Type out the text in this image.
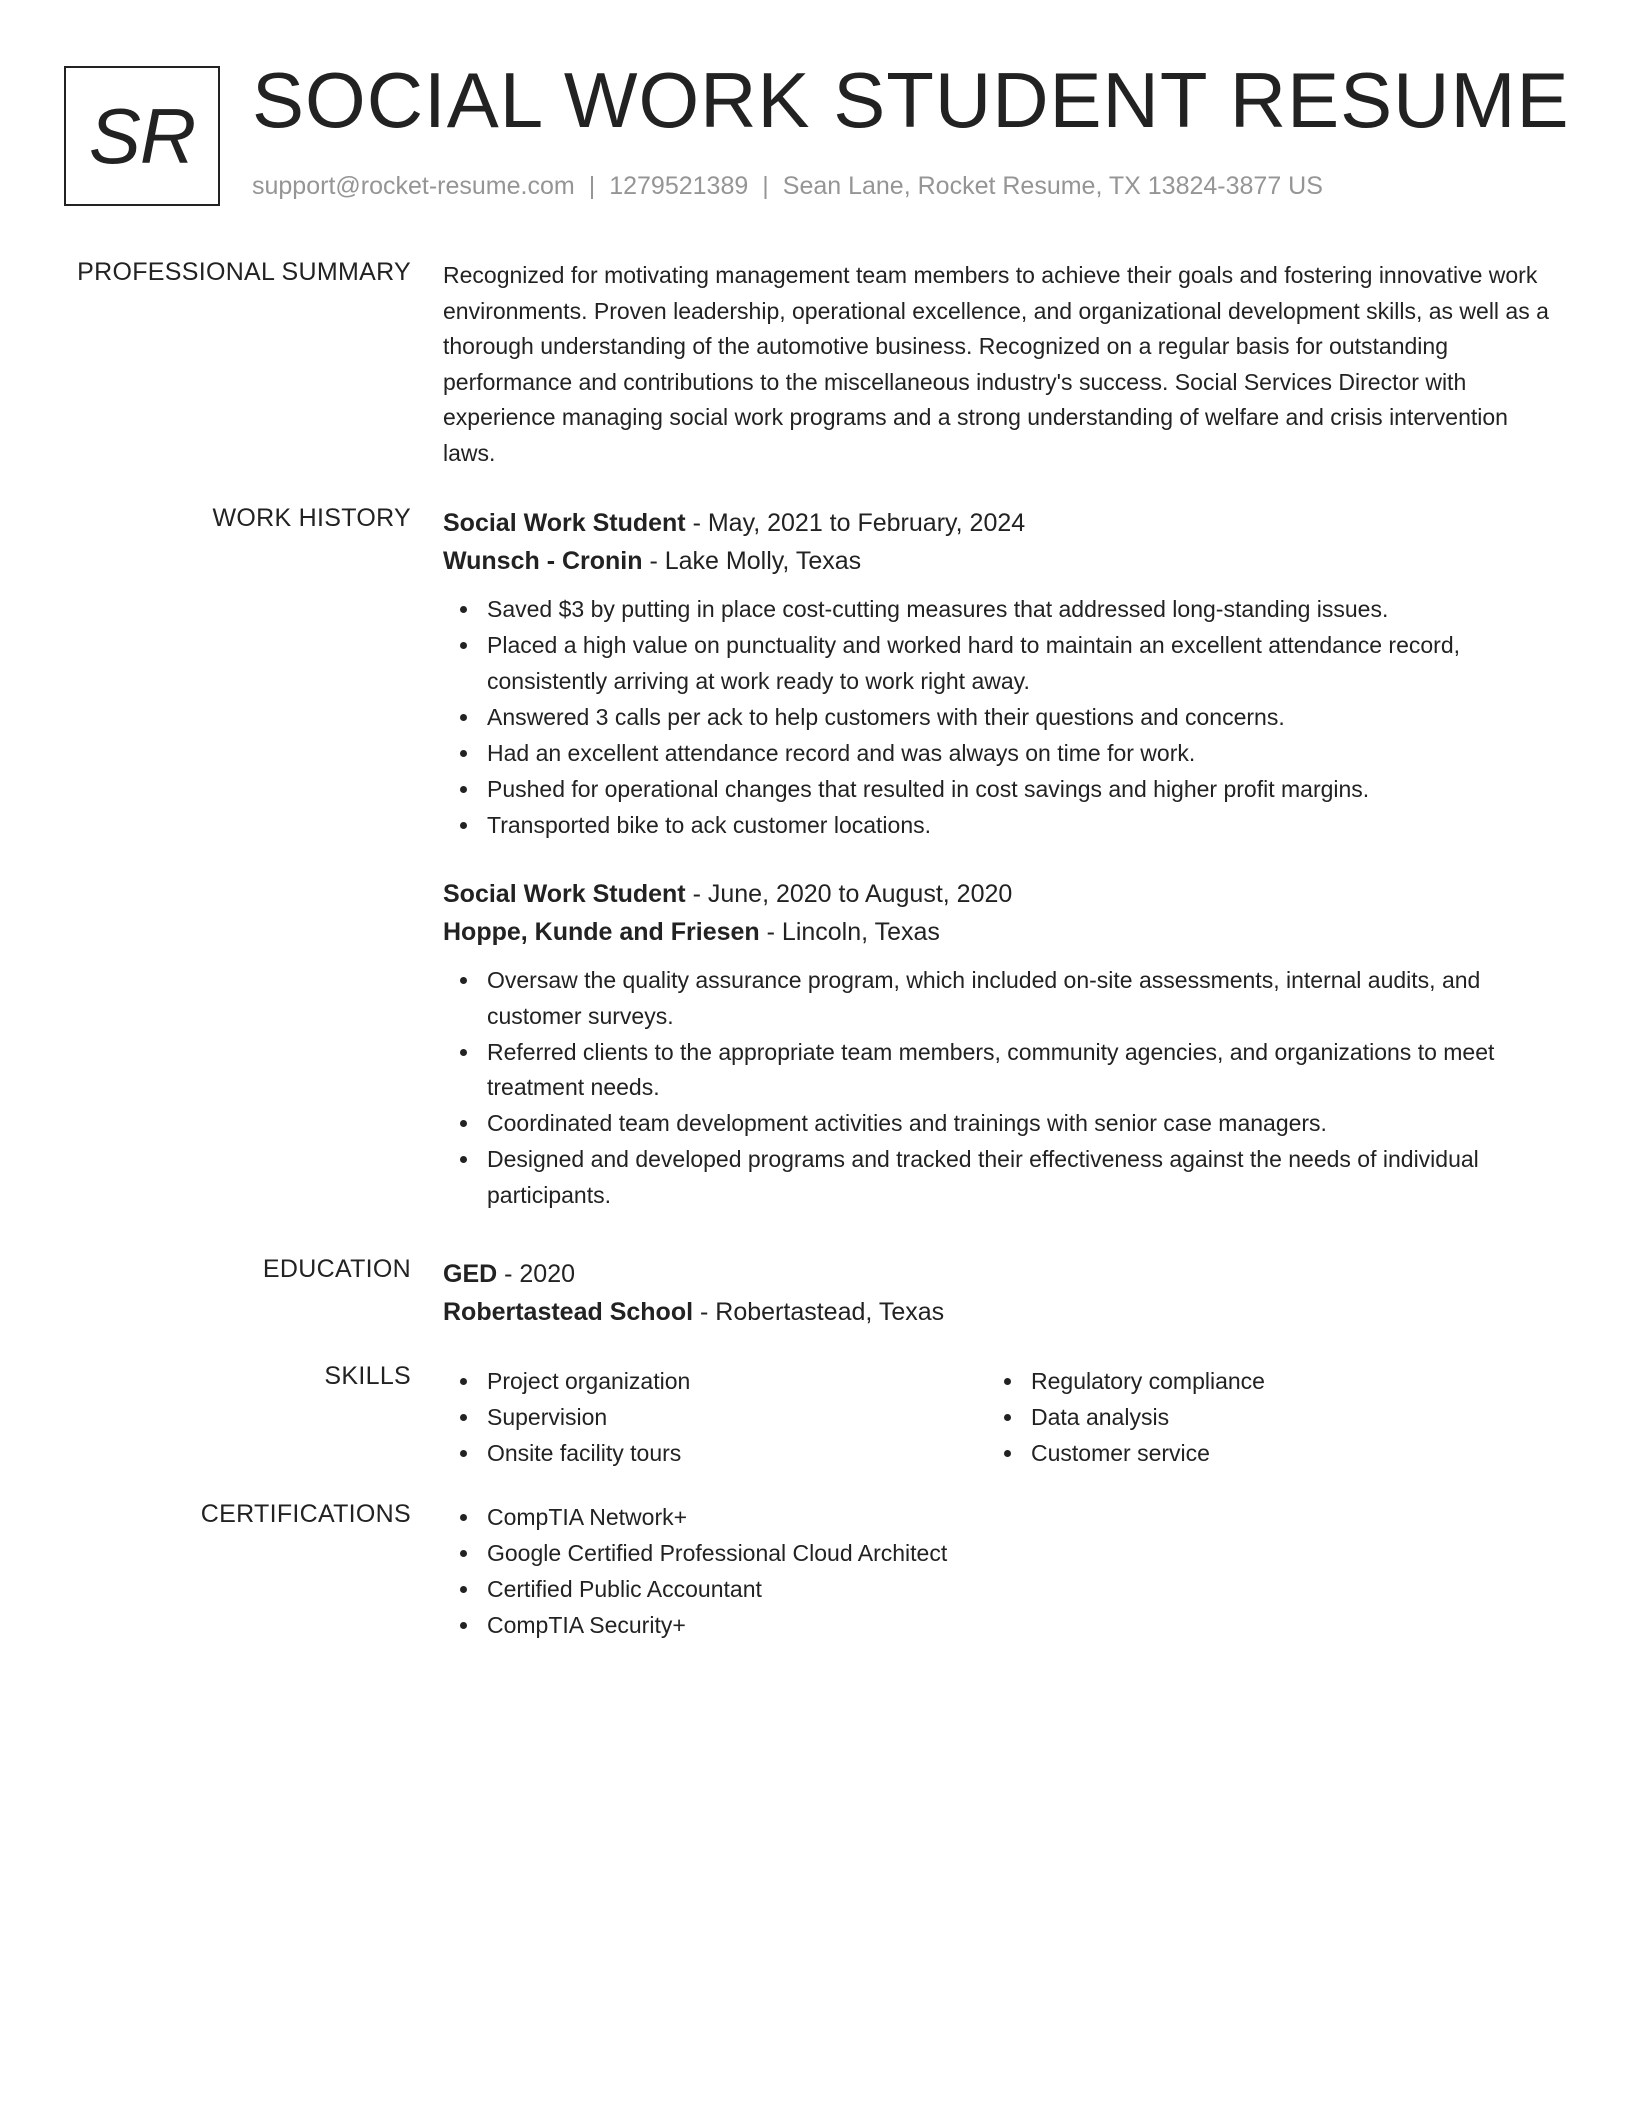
SR SOCIAL WORK STUDENT RESUME
support@rocket-resume.com | 1279521389 | Sean Lane, Rocket Resume, TX 13824-3877 US
PROFESSIONAL SUMMARY Recognized for motivating management team members to achieve their goals and fostering innovative work environments. Proven leadership, operational excellence, and organizational development skills, as well as a thorough understanding of the automotive business. Recognized on a regular basis for outstanding performance and contributions to the miscellaneous industry's success. Social Services Director with experience managing social work programs and a strong understanding of welfare and crisis intervention laws.

WORK HISTORY Social Work Student - May, 2021 to February, 2024

Wunsch - Cronin - Lake Molly, Texas

Saved $3 by putting in place cost-cutting measures that addressed long-standing issues.
Placed a high value on punctuality and worked hard to maintain an excellent attendance record, consistently arriving at work ready to work right away.
Answered 3 calls per ack to help customers with their questions and concerns.
Had an excellent attendance record and was always on time for work.
Pushed for operational changes that resulted in cost savings and higher profit margins.
Transported bike to ack customer locations.

Social Work Student - June, 2020 to August, 2020

Hoppe, Kunde and Friesen - Lincoln, Texas

Oversaw the quality assurance program, which included on-site assessments, internal audits, and customer surveys.
Referred clients to the appropriate team members, community agencies, and organizations to meet treatment needs.
Coordinated team development activities and trainings with senior case managers.
Designed and developed programs and tracked their effectiveness against the needs of individual participants.
EDUCATION GED - 2020

Robertastead School - Robertastead, Texas

SKILLS	Project organization
Supervision
Onsite facility tours
Regulatory compliance
Data analysis
Customer service
CERTIFICATIONS	CompTIA Network+
Google Certified Professional Cloud Architect
Certified Public Accountant
CompTIA Security+
